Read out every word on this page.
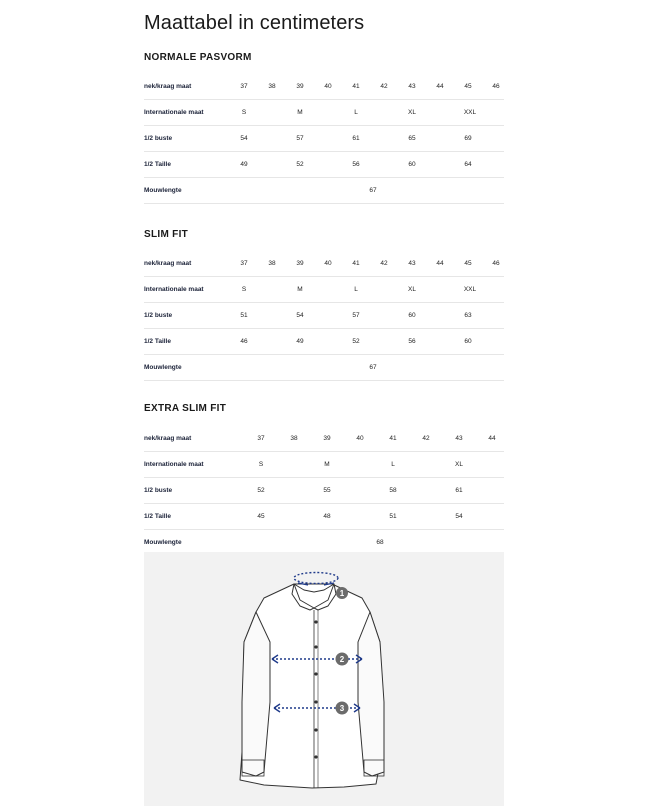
Maattabel in centimeters
NORMALE PASVORM
nek/kraag maat	37	38	39	40	41	42	43	44	45	46
Internationale maat	S	M	L	XL	XXL
1/2 buste	54	57	61	65	69
1/2 Taille	49	52	56	60	64
Mouwlengte	67
SLIM FIT
nek/kraag maat	37	38	39	40	41	42	43	44	45	46
Internationale maat	S	M	L	XL	XXL
1/2 buste	51	54	57	60	63
1/2 Taille	46	49	52	56	60
Mouwlengte	67
EXTRA SLIM FIT
nek/kraag maat	37	38	39	40	41	42	43	44
Internationale maat	S	M	L	XL
1/2 buste	52	55	58	61
1/2 Taille	45	48	51	54
Mouwlengte	68
1
2
3
